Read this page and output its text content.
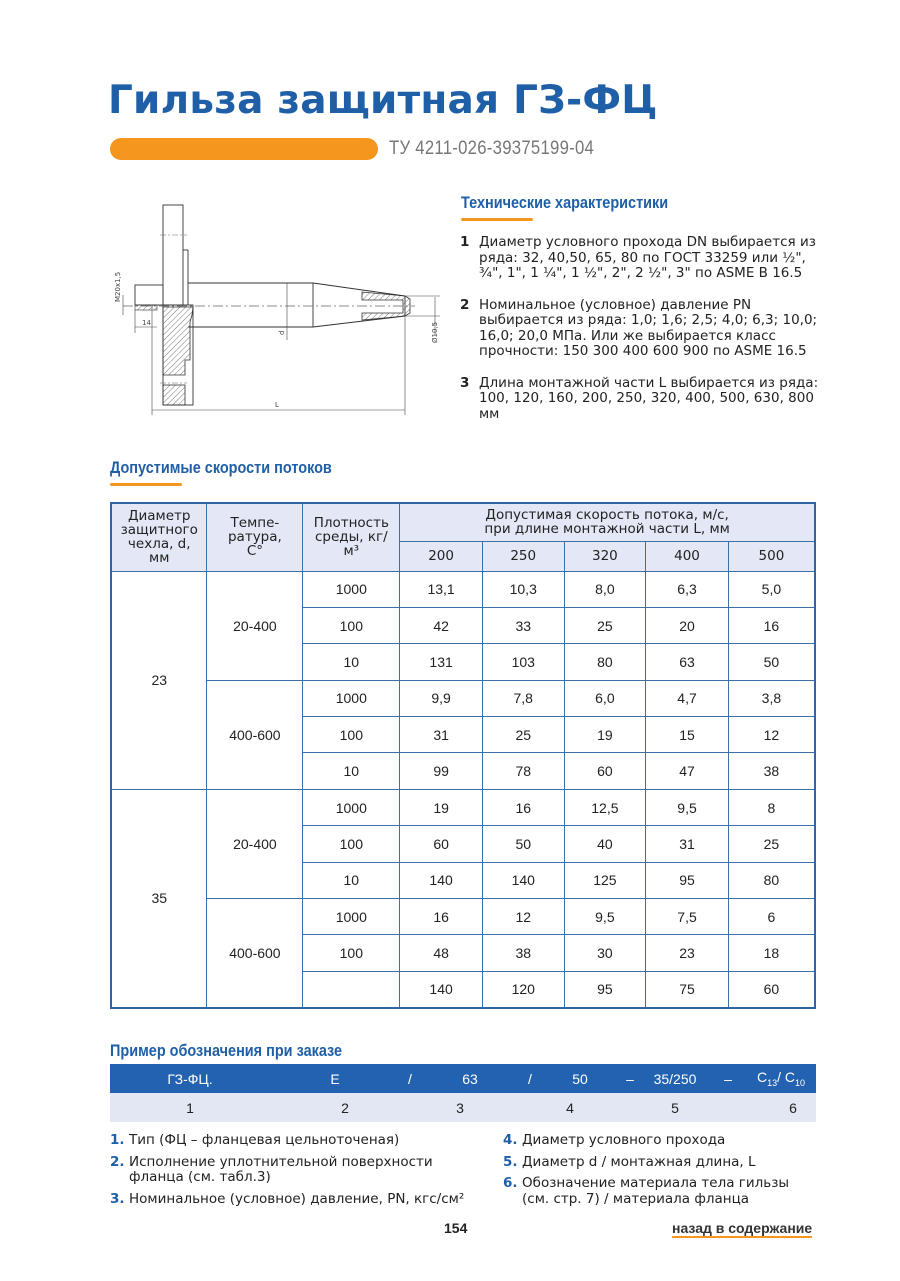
Гильза защитная ГЗ-ФЦ
ТУ 4211-026-39375199-04
M20x1,5
14
d	Ø10,5
L
Технические характеристики
1 Диаметр условного прохода DN выбирается из ряда: 32, 40,50, 65, 80 по ГОСТ 33259 или ½", ¾", 1", 1 ¼", 1 ½", 2", 2 ½", 3" по ASME B 16.5
2 Номинальное (условное) давление PN выбирается из ряда: 1,0; 1,6; 2,5; 4,0; 6,3; 10,0; 16,0; 20,0 МПа. Или же выбирается класс прочности: 150 300 400 600 900 по ASME 16.5
3 Длина монтажной части L выбирается из ряда: 100, 120, 160, 200, 250, 320, 400, 500, 630, 800 мм
Допустимые скорости потоков
Диаметр защитного чехла, d, мм	Темпе-ратура, С°	Плотность среды, кг/м³	Допустимая скорость потока, м/с, при длине монтажной части L, мм				
			200	250	320	400	500
23	20-400	1000	13,1	10,3	8,0	6,3	5,0
		100	42	33	25	20	16
		10	131	103	80	63	50
	400-600	1000	9,9	7,8	6,0	4,7	3,8
		100	31	25	19	15	12
		10	99	78	60	47	38
35	20-400	1000	19	16	12,5	9,5	8
		100	60	50	40	31	25
		10	140	140	125	95	80
	400-600	1000	16	12	9,5	7,5	6
		100	48	38	30	23	18
			140	120	95	75	60
Пример обозначения при заказе
ГЗ-ФЦ.	E	/	63	/	50	–	35/250	–	$C_{13}/$ $C_{10}$
1	2	3	4	5	6
1. Тип (ФЦ – фланцевая цельноточеная)
2. Исполнение уплотнительной поверхности фланца (см. табл.3)
3. Номинальное (условное) давление, PN, кгс/см²
4. Диаметр условного прохода
5. Диаметр d / монтажная длина, L
6. Обозначение материала тела гильзы (см. стр. 7) / материала фланца
154	назад в содержание
